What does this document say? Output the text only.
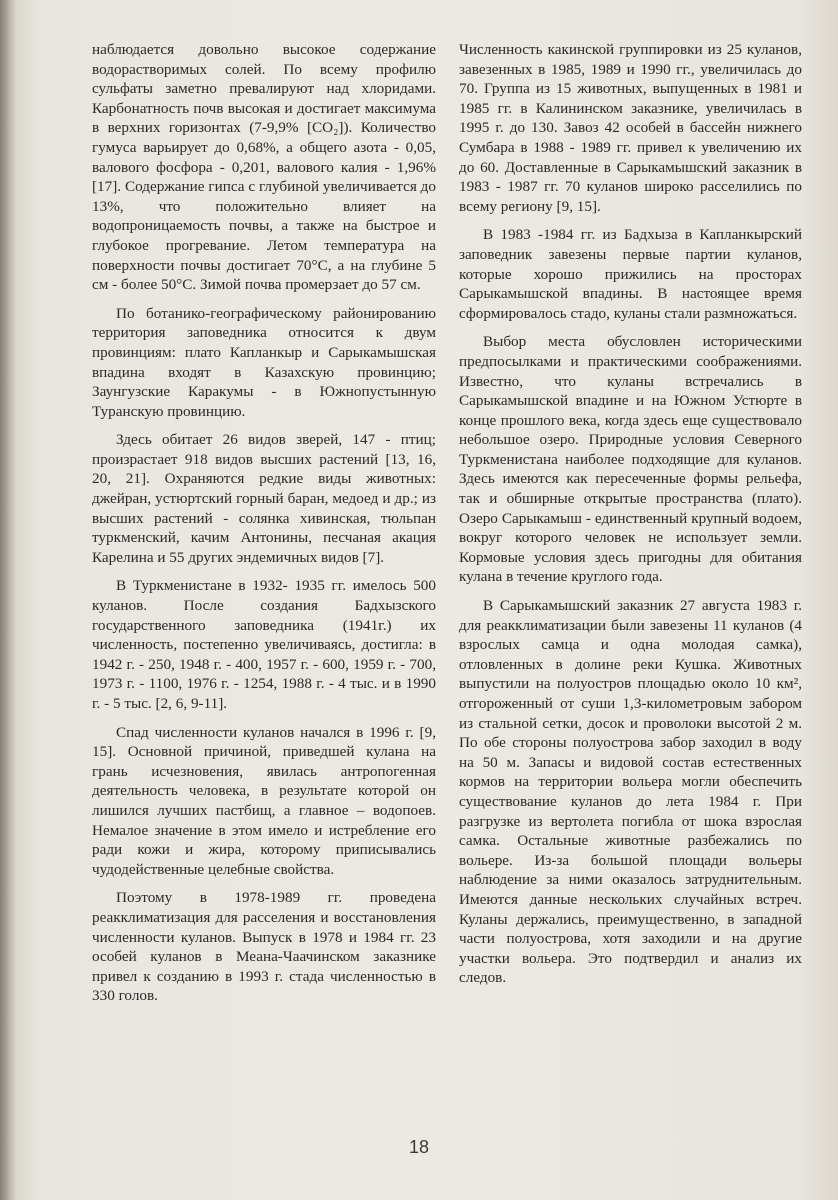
наблюдается довольно высокое содержание водорастворимых солей. По всему профилю сульфаты заметно превалируют над хлоридами. Карбонатность почв высокая и достигает максимума в верхних горизонтах (7-9,9% [CO₂]). Количество гумуса варьирует до 0,68%, а общего азота - 0,05, валового фосфора - 0,201, валового калия - 1,96% [17]. Содержание гипса с глубиной увеличивается до 13%, что положительно влияет на водопроницаемость почвы, а также на быстрое и глубокое прогревание. Летом температура на поверхности почвы достигает 70°С, а на глубине 5 см - более 50°С. Зимой почва промерзает до 57 см.

По ботанико-географическому районированию территория заповедника относится к двум провинциям: плато Капланкыр и Сарыкамышская впадина входят в Казахскую провинцию; Заунгузские Каракумы - в Южнопустынную Туранскую провинцию.

Здесь обитает 26 видов зверей, 147 - птиц; произрастает 918 видов высших растений [13, 16, 20, 21]. Охраняются редкие виды животных: джейран, устюртский горный баран, медоед и др.; из высших растений - солянка хивинская, тюльпан туркменский, качим Антонины, песчаная акация Карелина и 55 других эндемичных видов [7].

В Туркменистане в 1932- 1935 гг. имелось 500 куланов. После создания Бадхызского государственного заповедника (1941г.) их численность, постепенно увеличиваясь, достигла: в 1942 г. - 250, 1948 г. - 400, 1957 г. - 600, 1959 г. - 700, 1973 г. - 1100, 1976 г. - 1254, 1988 г. - 4 тыс. и в 1990 г. - 5 тыс. [2, 6, 9-11].

Спад численности куланов начался в 1996 г. [9, 15]. Основной причиной, приведшей кулана на грань исчезновения, явилась антропогенная деятельность человека, в результате которой он лишился лучших пастбищ, а главное – водопоев. Немалое значение в этом имело и истребление его ради кожи и жира, которому приписывались чудодейственные целебные свойства.

Поэтому в 1978-1989 гг. проведена реакклиматизация для расселения и восстановления численности куланов. Выпуск в 1978 и 1984 гг. 23 особей куланов в Меана-Чаачинском заказнике привел к созданию в 1993 г. стада численностью в 330 голов.

Численность какинской группировки из 25 куланов, завезенных в 1985, 1989 и 1990 гг., увеличилась до 70. Группа из 15 животных, выпущенных в 1981 и 1985 гг. в Калининском заказнике, увеличилась в 1995 г. до 130. Завоз 42 особей в бассейн нижнего Сумбара в 1988 - 1989 гг. привел к увеличению их до 60. Доставленные в Сарыкамышский заказник в 1983 - 1987 гг. 70 куланов широко расселились по всему региону [9, 15].

В 1983 -1984 гг. из Бадхыза в Капланкырский заповедник завезены первые партии куланов, которые хорошо прижились на просторах Сарыкамышской впадины. В настоящее время сформировалось стадо, куланы стали размножаться.

Выбор места обусловлен историческими предпосылками и практическими соображениями. Известно, что куланы встречались в Сарыкамышской впадине и на Южном Устюрте в конце прошлого века, когда здесь еще существовало небольшое озеро. Природные условия Северного Туркменистана наиболее подходящие для куланов. Здесь имеются как пересеченные формы рельефа, так и обширные открытые пространства (плато). Озеро Сарыкамыш - единственный крупный водоем, вокруг которого человек не использует земли. Кормовые условия здесь пригодны для обитания кулана в течение круглого года.

В Сарыкамышский заказник 27 августа 1983 г. для реакклиматизации были завезены 11 куланов (4 взрослых самца и одна молодая самка), отловленных в долине реки Кушка. Животных выпустили на полуостров площадью около 10 км², отгороженный от суши 1,3-километровым забором из стальной сетки, досок и проволоки высотой 2 м. По обе стороны полуострова забор заходил в воду на 50 м. Запасы и видовой состав естественных кормов на территории вольера могли обеспечить существование куланов до лета 1984 г. При разгрузке из вертолета погибла от шока взрослая самка. Остальные животные разбежались по вольере. Из-за большой площади вольеры наблюдение за ними оказалось затруднительным. Имеются данные нескольких случайных встреч. Куланы держались, преимущественно, в западной части полуострова, хотя заходили и на другие участки вольера. Это подтвердил и анализ их следов.

18
